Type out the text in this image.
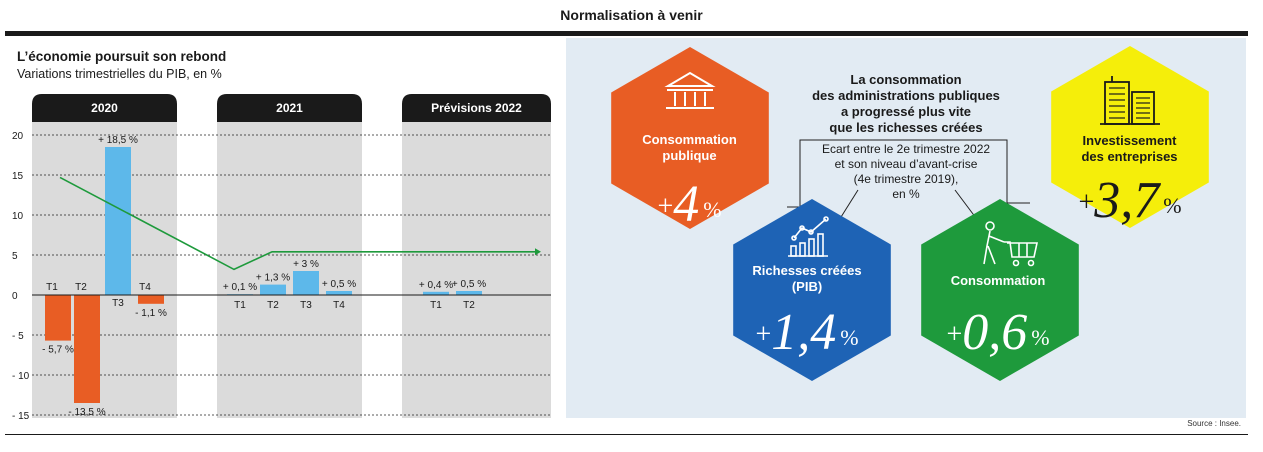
Normalisation à venir
L’économie poursuit son rebond
Variations trimestrielles du PIB, en %
2020	2021	Prévisions 2022
20
15
10
5
0
- 5
- 10
- 15
- 5,7 %
T1
- 13,5 %
T2
+ 18,5 %
T3
- 1,1 %
T4	+ 0,1 %
T1
+ 1,3 %
T2
+ 3 %
T3
+ 0,5 %
T4
+ 0,4 %
T1
+ 0,5 %
T2
La consommation
des administrations publiques
a progressé plus vite
que les richesses créées
Ecart entre le 2e trimestre 2022
et son niveau d’avant-crise
(4e trimestre 2019),
en %
Consommation
publique
+4 %
Richesses créées
(PIB)
+1,4 %
Consommation
+0,6 %
Investissement
des entreprises
+3,7 %
Source : Insee.
